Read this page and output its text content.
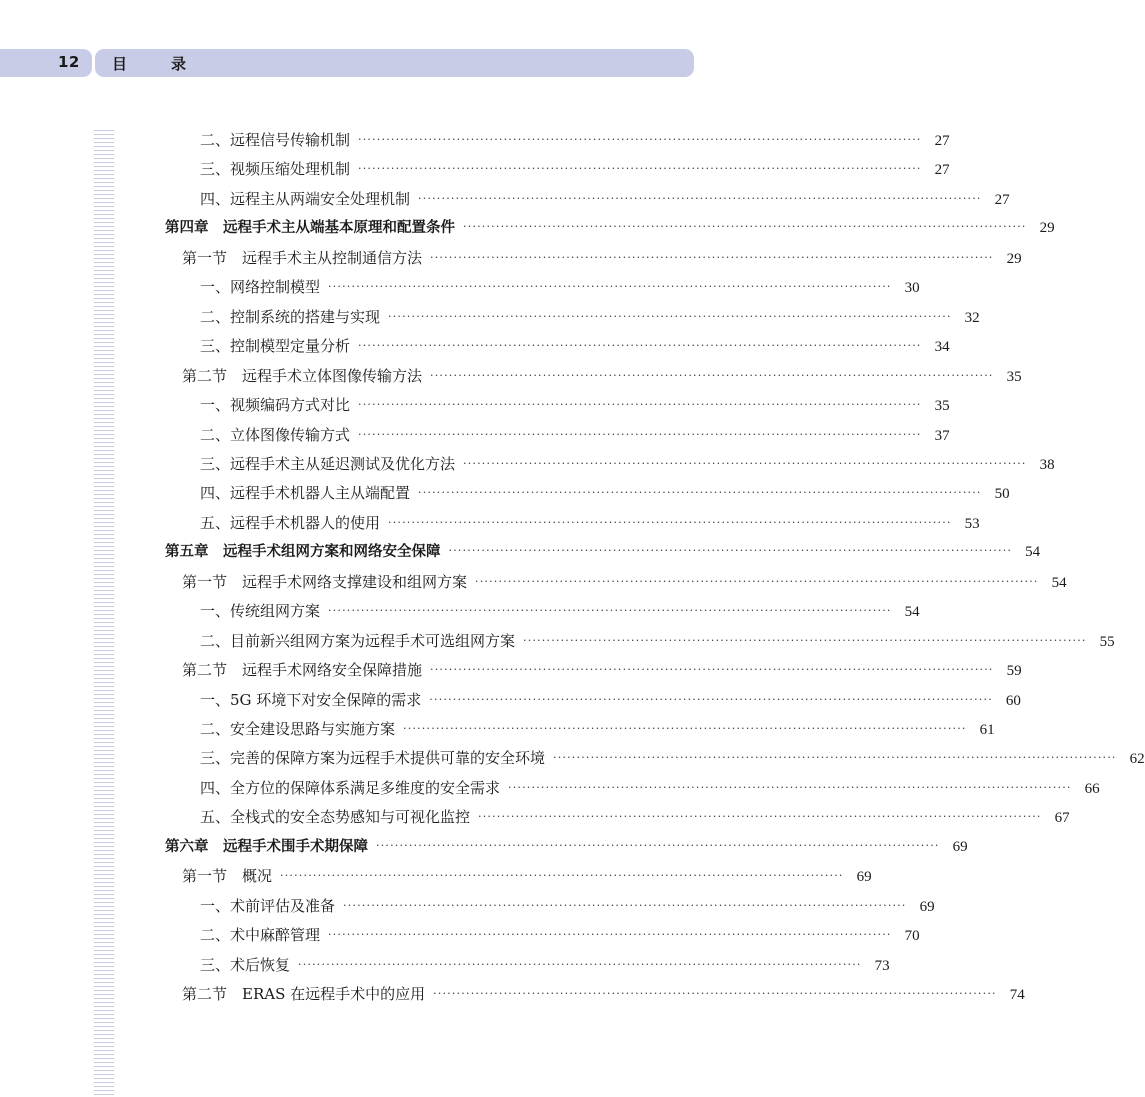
12 目录
二、远程信号传输机制 ························································································································ 27
三、视频压缩处理机制 ························································································································ 27
四、远程主从两端安全处理机制 ························································································································ 27
第四章　远程手术主从端基本原理和配置条件 ························································································································ 29
第一节　远程手术主从控制通信方法 ························································································································ 29
一、网络控制模型 ························································································································ 30
二、控制系统的搭建与实现 ························································································································ 32
三、控制模型定量分析 ························································································································ 34
第二节　远程手术立体图像传输方法 ························································································································ 35
一、视频编码方式对比 ························································································································ 35
二、立体图像传输方式 ························································································································ 37
三、远程手术主从延迟测试及优化方法 ························································································································ 38
四、远程手术机器人主从端配置 ························································································································ 50
五、远程手术机器人的使用 ························································································································ 53
第五章　远程手术组网方案和网络安全保障 ························································································································ 54
第一节　远程手术网络支撑建设和组网方案 ························································································································ 54
一、传统组网方案 ························································································································ 54
二、目前新兴组网方案为远程手术可选组网方案 ························································································································ 55
第二节　远程手术网络安全保障措施 ························································································································ 59
一、5G 环境下对安全保障的需求 ························································································································ 60
二、安全建设思路与实施方案 ························································································································ 61
三、完善的保障方案为远程手术提供可靠的安全环境 ························································································································ 62
四、全方位的保障体系满足多维度的安全需求 ························································································································ 66
五、全栈式的安全态势感知与可视化监控 ························································································································ 67
第六章　远程手术围手术期保障 ························································································································ 69
第一节　概况 ························································································································ 69
一、术前评估及准备 ························································································································ 69
二、术中麻醉管理 ························································································································ 70
三、术后恢复 ························································································································ 73
第二节　ERAS 在远程手术中的应用 ························································································································ 74
